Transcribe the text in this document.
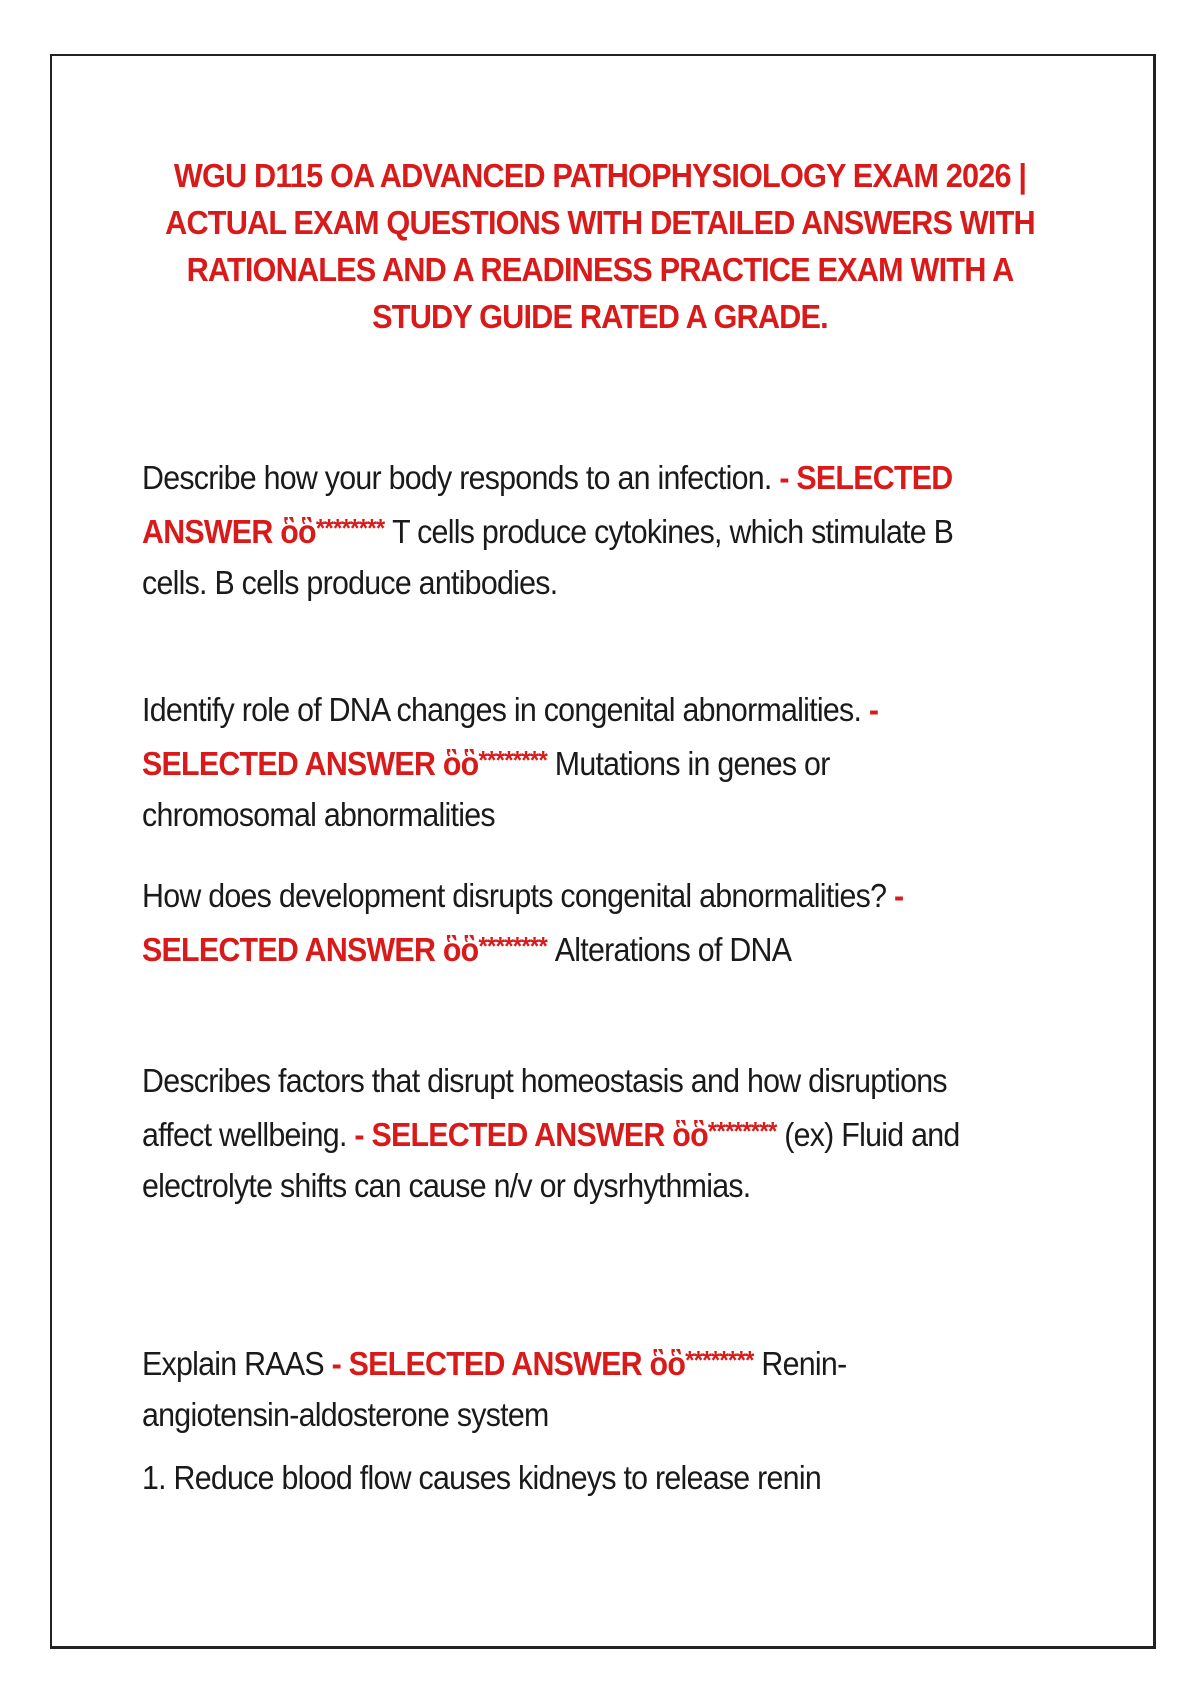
WGU D115 OA ADVANCED PATHOPHYSIOLOGY EXAM 2026 | ACTUAL EXAM QUESTIONS WITH DETAILED ANSWERS WITH RATIONALES AND A READINESS PRACTICE EXAM WITH A STUDY GUIDE RATED A GRADE.

Describe how your body responds to an infection. - SELECTED ANSWER ὃὃ******** T cells produce cytokines, which stimulate B cells. B cells produce antibodies.

Identify role of DNA changes in congenital abnormalities. - SELECTED ANSWER ὃὃ******** Mutations in genes or chromosomal abnormalities

How does development disrupts congenital abnormalities? - SELECTED ANSWER ὃὃ******** Alterations of DNA

Describes factors that disrupt homeostasis and how disruptions affect wellbeing. - SELECTED ANSWER ὃὃ******** (ex) Fluid and electrolyte shifts can cause n/v or dysrhythmias.

Explain RAAS - SELECTED ANSWER ὃὃ******** Renin-angiotensin-aldosterone system

1. Reduce blood flow causes kidneys to release renin
